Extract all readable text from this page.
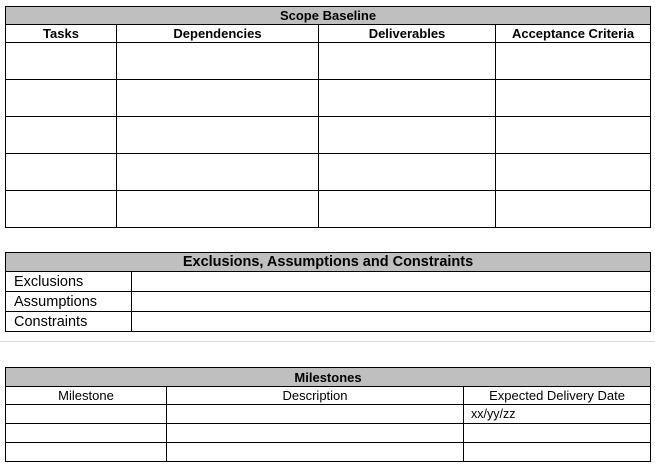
Scope Baseline			
Tasks	Dependencies	Deliverables	Acceptance Criteria

Exclusions, Assumptions and Constraints	
Exclusions	
Assumptions	
Constraints	
Milestones		
Milestone	Description	Expected Delivery Date
		xx/yy/zz
